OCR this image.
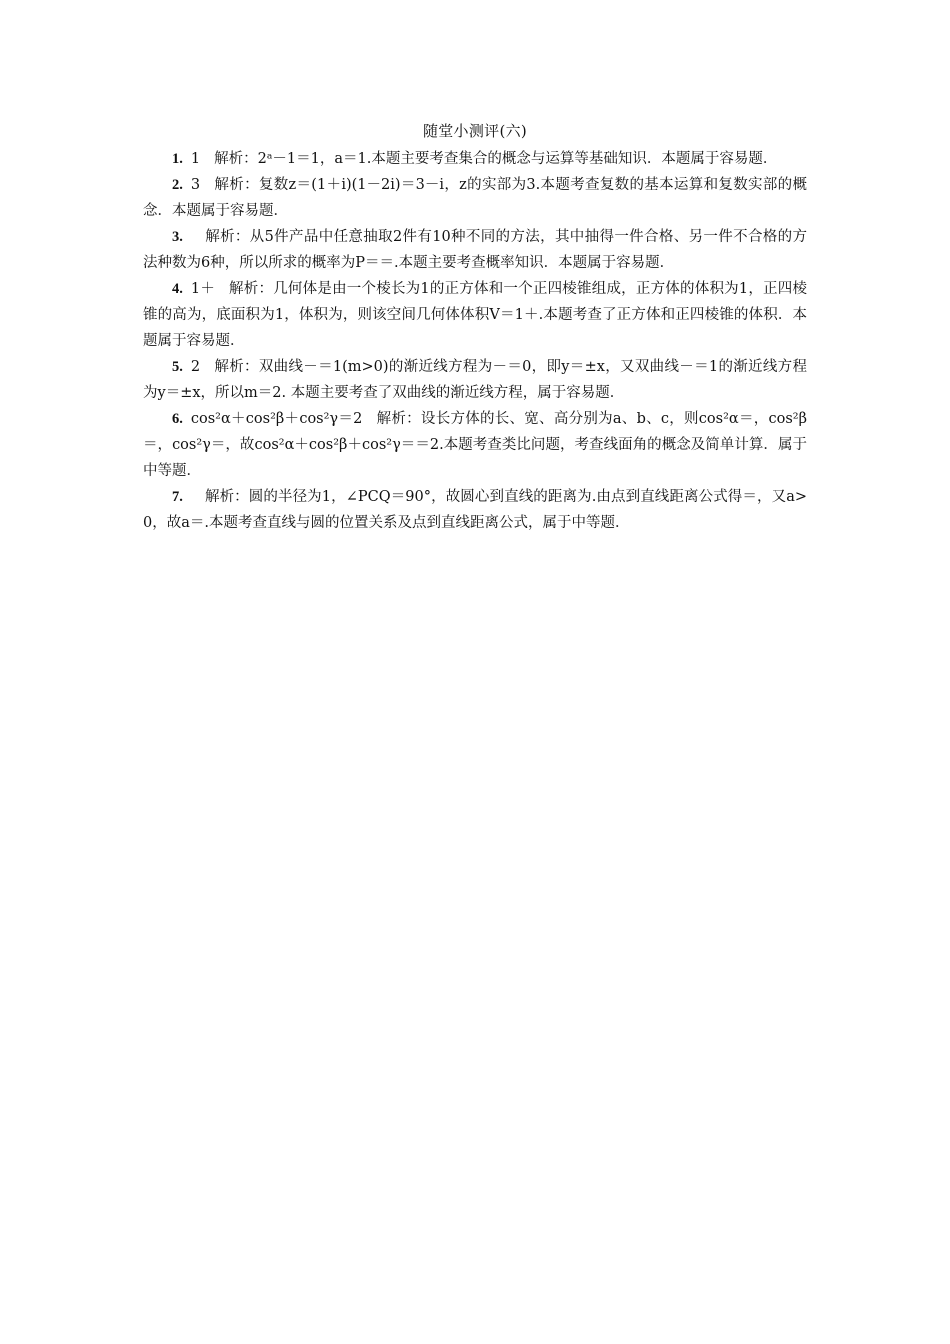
随堂小测评(六)

1. 1 解析：2ᵃ－1＝1，a＝1.本题主要考查集合的概念与运算等基础知识．本题属于容易题．

2. 3 解析：复数z＝(1＋i)(1－2i)＝3－i，z的实部为3.本题考查复数的基本运算和复数实部的概念．本题属于容易题．

3. 解析：从5件产品中任意抽取2件有10种不同的方法，其中抽得一件合格、另一件不合格的方法种数为6种，所以所求的概率为P＝＝.本题主要考查概率知识．本题属于容易题．

4. 1＋ 解析：几何体是由一个棱长为1的正方体和一个正四棱锥组成，正方体的体积为1，正四棱锥的高为，底面积为1，体积为，则该空间几何体体积V＝1＋.本题考查了正方体和正四棱锥的体积．本题属于容易题．

5. 2 解析：双曲线－＝1(m>0)的渐近线方程为－＝0，即y＝±x，又双曲线－＝1的渐近线方程为y＝±x，所以m＝2. 本题主要考查了双曲线的渐近线方程，属于容易题．

6. cos²α＋cos²β＋cos²γ＝2 解析：设长方体的长、宽、高分别为a、b、c，则cos²α＝，cos²β＝，cos²γ＝，故cos²α＋cos²β＋cos²γ＝＝2.本题考查类比问题，考查线面角的概念及简单计算．属于中等题．

7. 解析：圆的半径为1，∠PCQ＝90°，故圆心到直线的距离为.由点到直线距离公式得＝，又a>0，故a＝.本题考查直线与圆的位置关系及点到直线距离公式，属于中等题．
